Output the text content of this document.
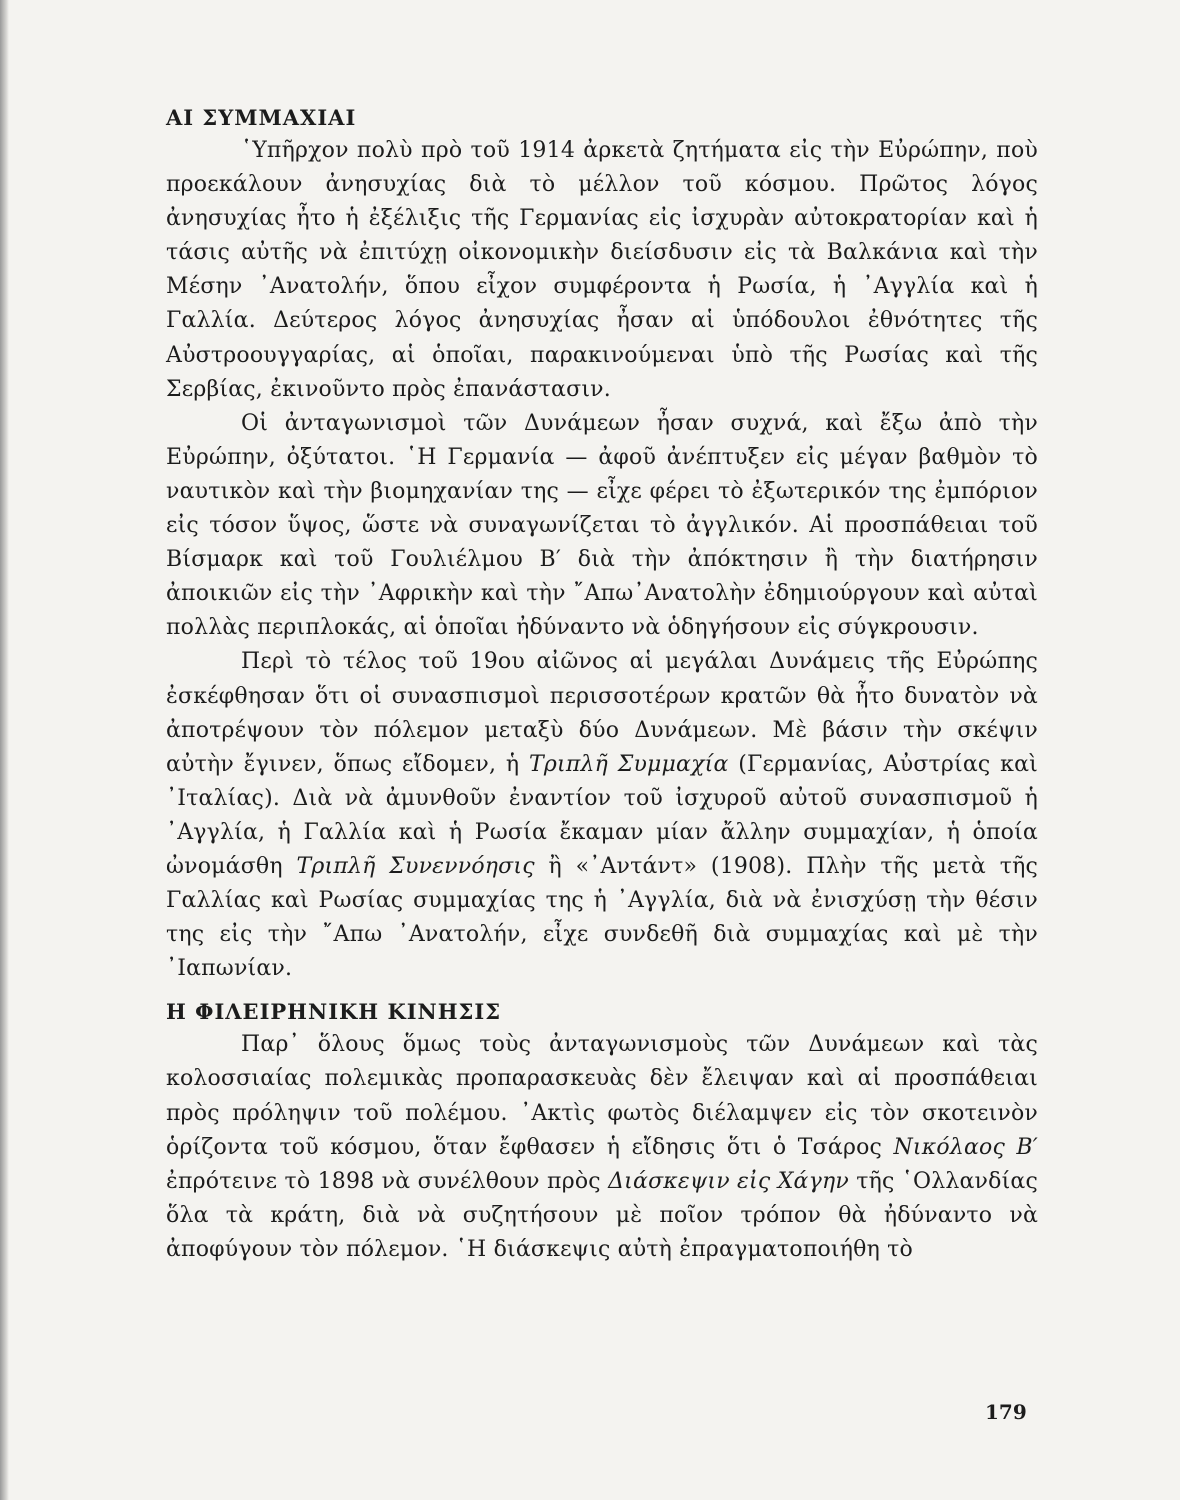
ΑΙ ΣΥΜΜΑΧΙΑΙ

῾Υπῆρχον πολὺ πρὸ τοῦ 1914 ἀρκετὰ ζητήματα εἰς τὴν Εὐρώπην, ποὺ προεκάλουν ἀνησυχίας διὰ τὸ μέλλον τοῦ κόσμου. Πρῶτος λόγος ἀνησυχίας ἦτο ἡ ἐξέλιξις τῆς Γερμανίας εἰς ἰσχυρὰν αὐτοκρατορίαν καὶ ἡ τάσις αὐτῆς νὰ ἐπιτύχῃ οἰκονομικὴν διείσδυσιν εἰς τὰ Βαλκάνια καὶ τὴν Μέσην ᾿Ανατολήν, ὅπου εἶχον συμφέροντα ἡ Ρωσία, ἡ ᾿Αγγλία καὶ ἡ Γαλλία. Δεύτερος λόγος ἀνησυχίας ἦσαν αἱ ὑπόδουλοι ἐθνότητες τῆς Αὐστροουγγαρίας, αἱ ὁποῖαι, παρακινούμεναι ὑπὸ τῆς Ρωσίας καὶ τῆς Σερβίας, ἐκινοῦντο πρὸς ἐπανάστασιν.

Οἱ ἀνταγωνισμοὶ τῶν Δυνάμεων ἦσαν συχνά, καὶ ἔξω ἀπὸ τὴν Εὐρώπην, ὀξύτατοι. ῾Η Γερμανία — ἀφοῦ ἀνέπτυξεν εἰς μέγαν βαθμὸν τὸ ναυτικὸν καὶ τὴν βιομηχανίαν της — εἶχε φέρει τὸ ἐξωτερικόν της ἐμπόριον εἰς τόσον ὕψος, ὥστε νὰ συναγωνίζεται τὸ ἀγγλικόν. Αἱ προσπάθειαι τοῦ Βίσμαρκ καὶ τοῦ Γουλιέλμου Β′ διὰ τὴν ἀπόκτησιν ἢ τὴν διατήρησιν ἀποικιῶν εἰς τὴν ᾿Αφρικὴν καὶ τὴν ῎Απω᾿Ανατολὴν ἐδημιούργουν καὶ αὐταὶ πολλὰς περιπλοκάς, αἱ ὁποῖαι ἠδύναντο νὰ ὁδηγήσουν εἰς σύγκρουσιν.

Περὶ τὸ τέλος τοῦ 19ου αἰῶνος αἱ μεγάλαι Δυνάμεις τῆς Εὐρώπης ἐσκέφθησαν ὅτι οἱ συνασπισμοὶ περισσοτέρων κρατῶν θὰ ἦτο δυνατὸν νὰ ἀποτρέψουν τὸν πόλεμον μεταξὺ δύο Δυνάμεων. Μὲ βάσιν τὴν σκέψιν αὐτὴν ἔγινεν, ὅπως εἴδομεν, ἡ Τριπλῆ Συμμαχία (Γερμανίας, Αὐστρίας καὶ ᾿Ιταλίας). Διὰ νὰ ἀμυνθοῦν ἐναντίον τοῦ ἰσχυροῦ αὐτοῦ συνασπισμοῦ ἡ ᾿Αγγλία, ἡ Γαλλία καὶ ἡ Ρωσία ἔκαμαν μίαν ἄλλην συμμαχίαν, ἡ ὁποία ὠνομάσθη Τριπλῆ Συνεννόησις ἢ «᾿Αντάντ» (1908). Πλὴν τῆς μετὰ τῆς Γαλλίας καὶ Ρωσίας συμμαχίας της ἡ ᾿Αγγλία, διὰ νὰ ἐνισχύσῃ τὴν θέσιν της εἰς τὴν ῎Απω ᾿Ανατολήν, εἶχε συνδεθῆ διὰ συμμαχίας καὶ μὲ τὴν ᾿Ιαπωνίαν.

Η ΦΙΛΕΙΡΗΝΙΚΗ ΚΙΝΗΣΙΣ

Παρ᾿ ὅλους ὅμως τοὺς ἀνταγωνισμοὺς τῶν Δυνάμεων καὶ τὰς κολοσσιαίας πολεμικὰς προπαρασκευὰς δὲν ἔλειψαν καὶ αἱ προσπάθειαι πρὸς πρόληψιν τοῦ πολέμου. ᾿Ακτὶς φωτὸς διέλαμψεν εἰς τὸν σκοτεινὸν ὁρίζοντα τοῦ κόσμου, ὅταν ἔφθασεν ἡ εἴδησις ὅτι ὁ Τσάρος Νικόλαος Β′ ἐπρότεινε τὸ 1898 νὰ συνέλθουν πρὸς Διάσκεψιν εἰς Χάγην τῆς ῾Ολλανδίας ὅλα τὰ κράτη, διὰ νὰ συζητήσουν μὲ ποῖον τρόπον θὰ ἠδύναντο νὰ ἀποφύγουν τὸν πόλεμον. ῾Η διάσκεψις αὐτὴ ἐπραγματοποιήθη τὸ

179
